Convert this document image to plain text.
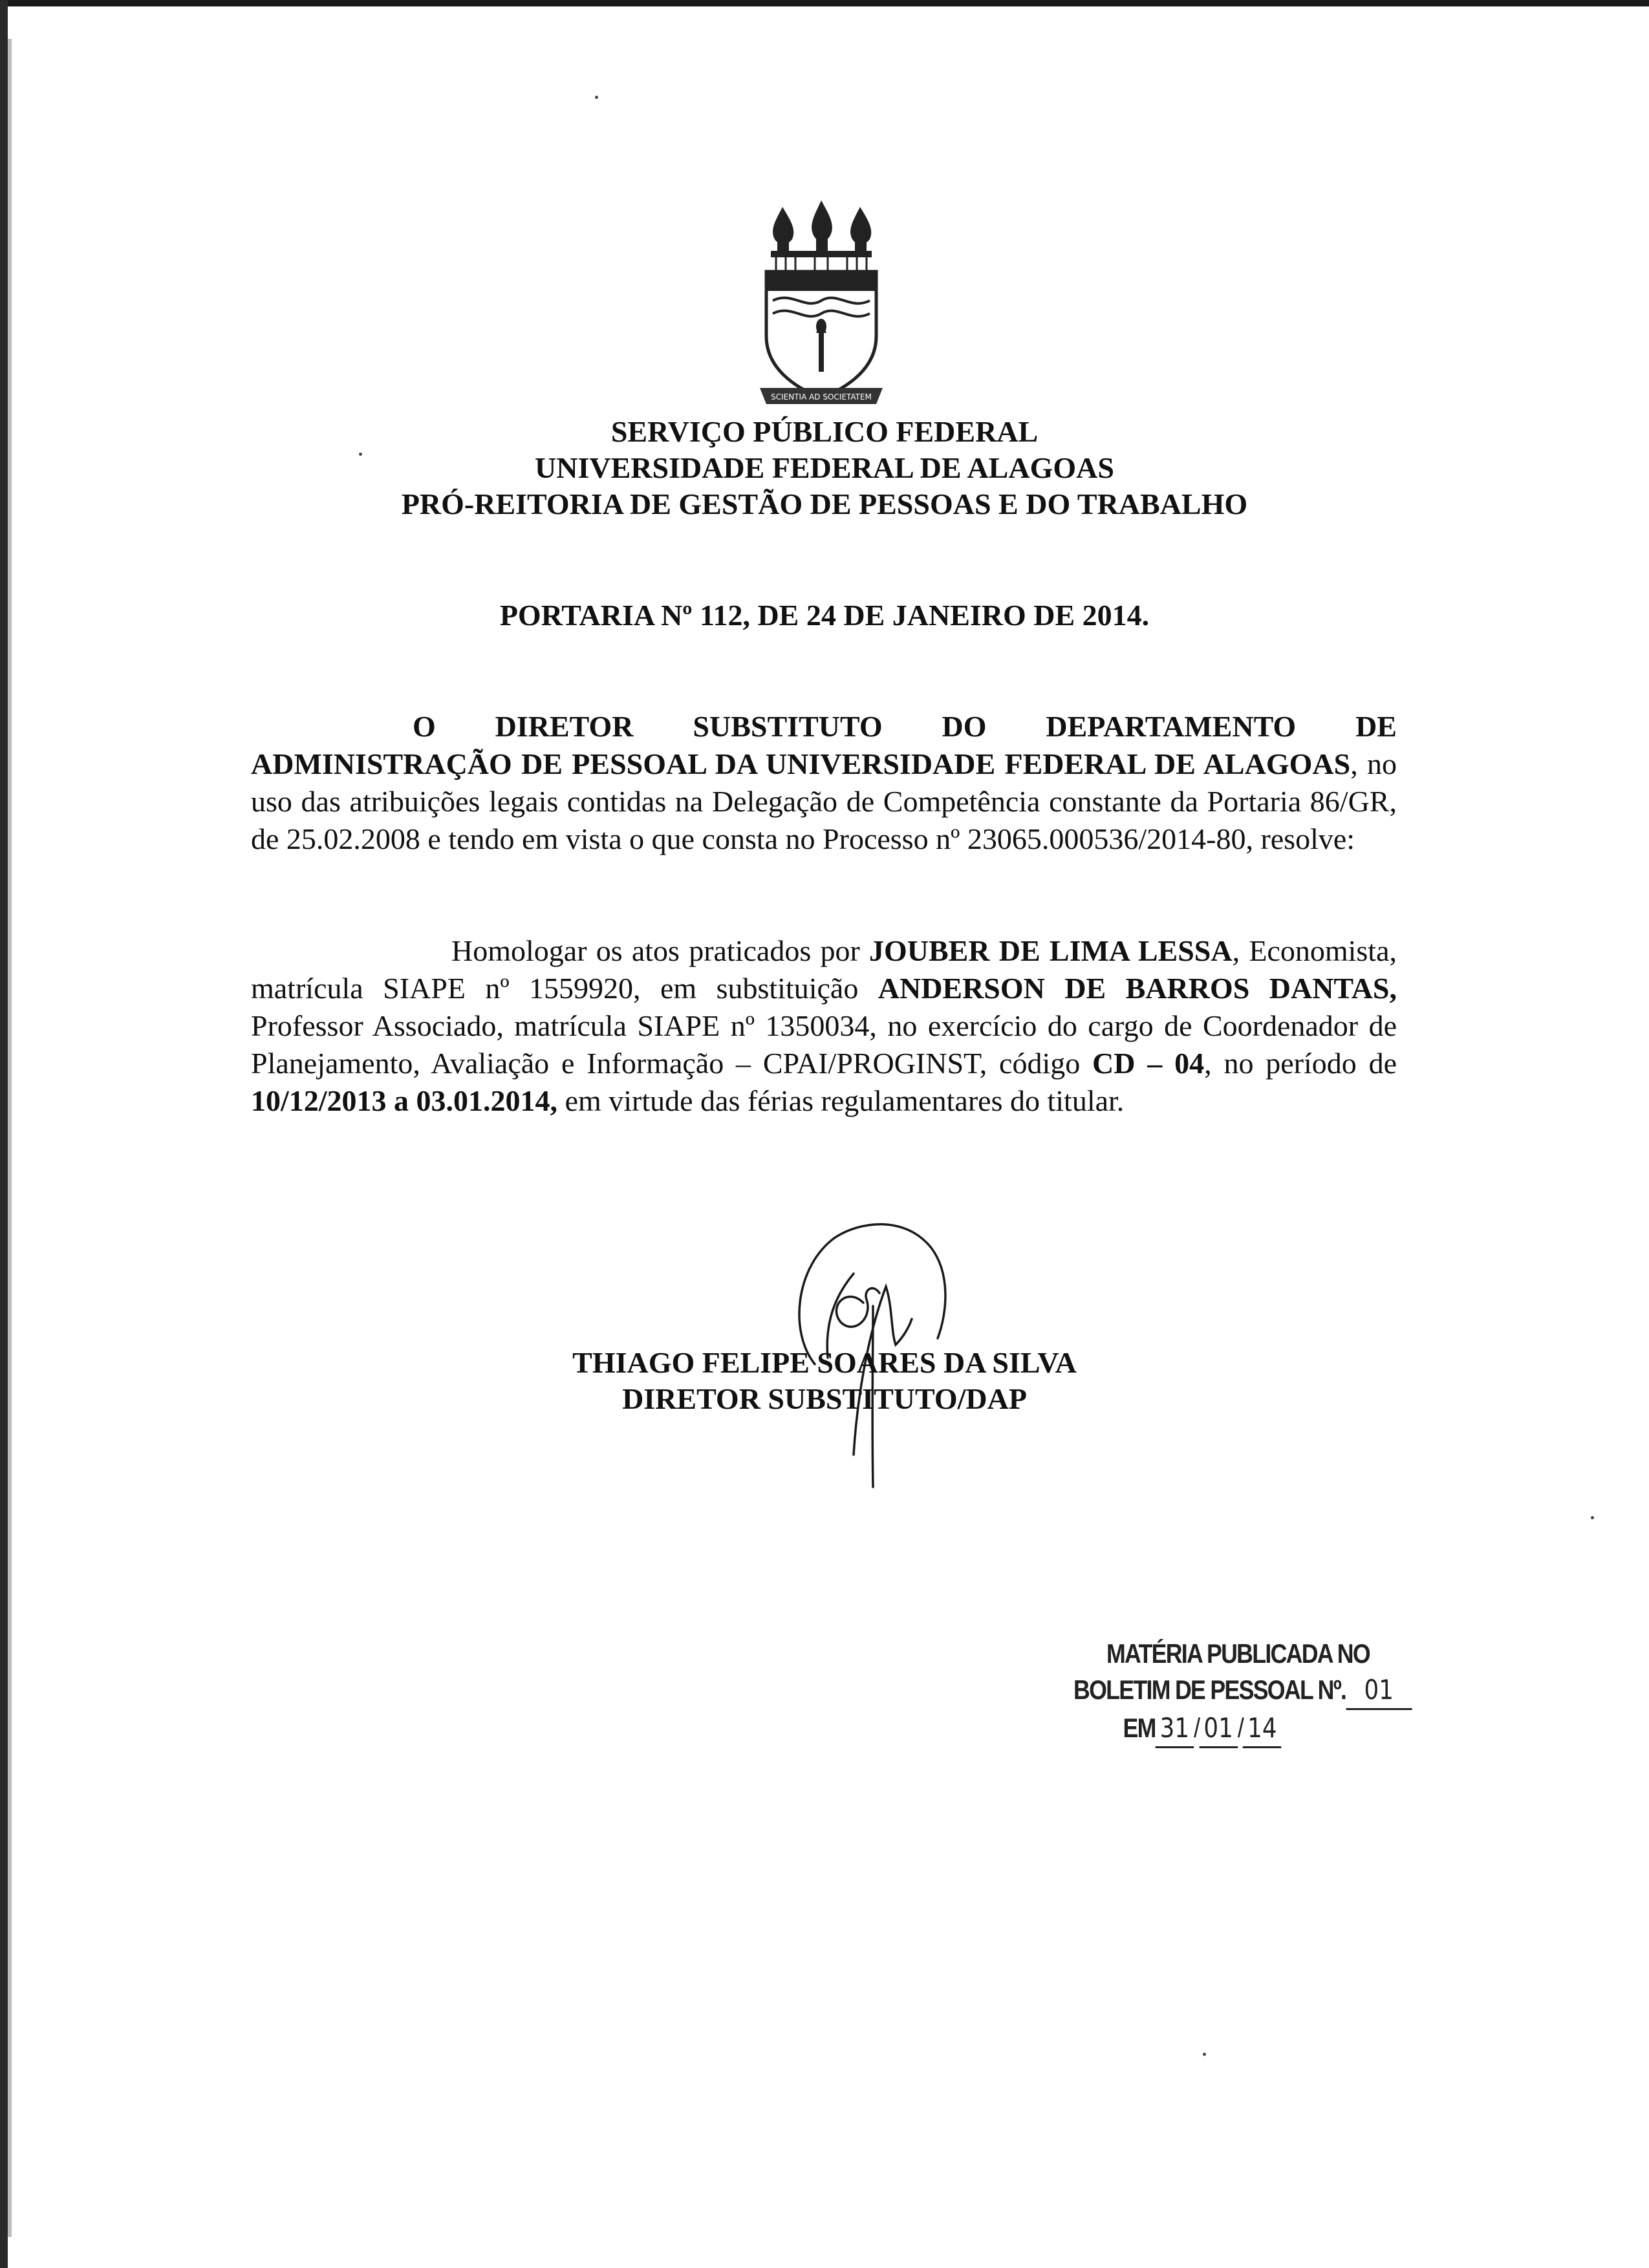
SCIENTIA AD SOCIETATEM
SERVIÇO PÚBLICO FEDERAL
UNIVERSIDADE FEDERAL DE ALAGOAS
PRÓ-REITORIA DE GESTÃO DE PESSOAS E DO TRABALHO
PORTARIA Nº 112, DE 24 DE JANEIRO DE 2014.

O DIRETOR SUBSTITUTO DO DEPARTAMENTO DE ADMINISTRAÇÃO DE PESSOAL DA UNIVERSIDADE FEDERAL DE ALAGOAS, no uso das atribuições legais contidas na Delegação de Competência constante da Portaria 86/GR, de 25.02.2008 e tendo em vista o que consta no Processo nº 23065.000536/2014-80, resolve:

Homologar os atos praticados por JOUBER DE LIMA LESSA, Economista, matrícula SIAPE nº 1559920, em substituição ANDERSON DE BARROS DANTAS, Professor Associado, matrícula SIAPE nº 1350034, no exercício do cargo de Coordenador de Planejamento, Avaliação e Informação – CPAI/PROGINST, código CD – 04, no período de 10/12/2013 a 03.01.2014, em virtude das férias regulamentares do titular.

THIAGO FELIPE SOARES DA SILVA
DIRETOR SUBSTITUTO/DAP
MATÉRIA PUBLICADA NO
BOLETIM DE PESSOAL Nº. 01
EM 31 / 01 / 14
